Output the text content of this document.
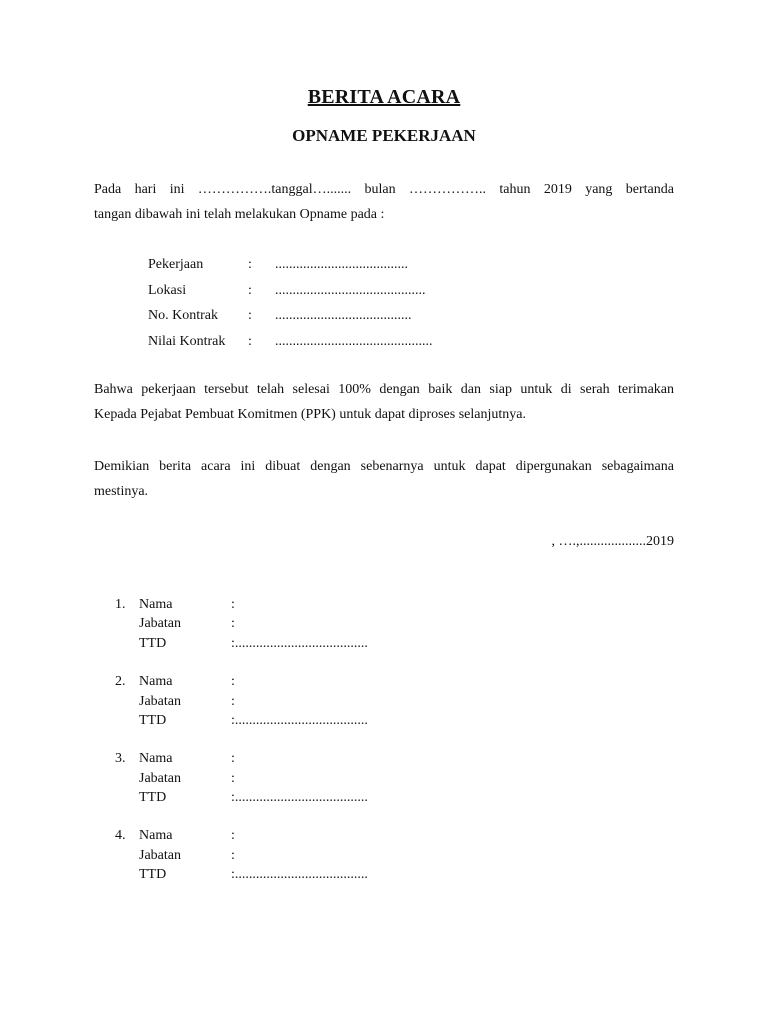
BERITA ACARA
OPNAME PEKERJAAN
Pada hari ini …………….tanggal…....... bulan …………….. tahun 2019 yang bertanda
tangan dibawah ini telah melakukan Opname pada :
Pekerjaan	: ......................................
Lokasi	: ...........................................
No. Kontrak : .......................................
Nilai Kontrak : .............................................
Bahwa pekerjaan tersebut telah selesai 100% dengan baik dan siap untuk di serah terimakan
Kepada Pejabat Pembuat Komitmen (PPK) untuk dapat diproses selanjutnya.
Demikian berita acara ini dibuat dengan sebenarnya untuk dapat dipergunakan sebagaimana
mestinya.
, ….,...................2019
1. Nama	:
Jabatan	:
TTD	:......................................
2. Nama	:
Jabatan	:
TTD	:......................................
3. Nama	:
Jabatan	:
TTD	:......................................
4. Nama	:
Jabatan	:
TTD	:......................................
